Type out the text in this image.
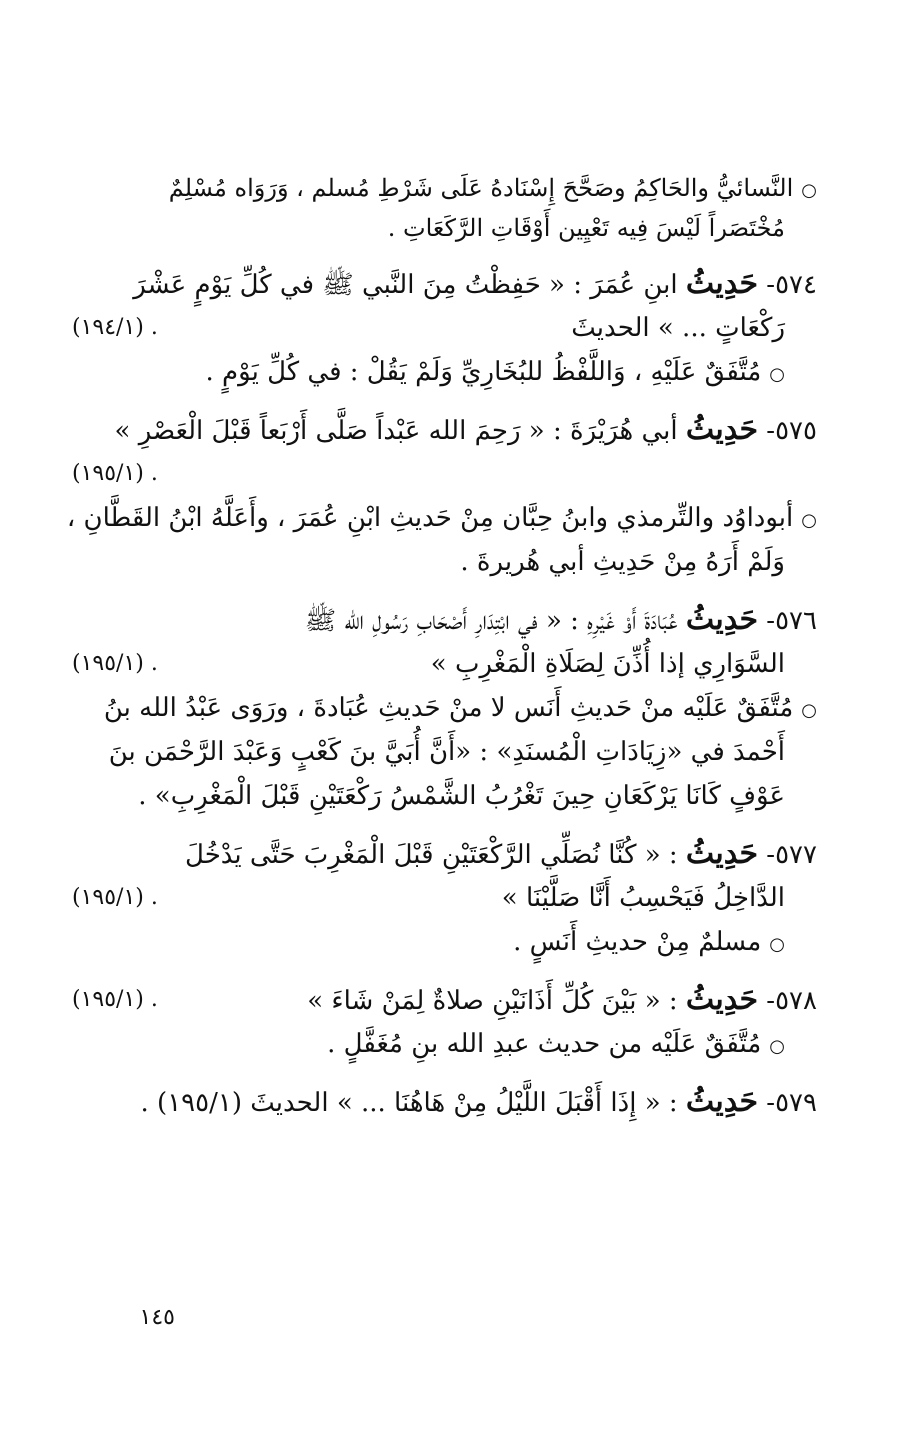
○النَّسائيُّ والحَاكِمُ وصَحَّحَ إِسْنَادهُ عَلَى شَرْطِ مُسلم ، وَرَوَاه مُسْلِمٌ
مُخْتَصَراً لَيْسَ فِيه تَعْيِين أَوْقَاتِ الرَّكَعَاتِ .
٥٧٤- حَدِيثُ ابنِ عُمَرَ : « حَفِظْتُ مِنَ النَّبي ﷺ في كُلِّ يَوْمٍ عَشْرَ
رَكْعَاتٍ ... » الحديثَ
(١٩٤/١) .
○مُتَّفَقٌ عَلَيْهِ ، وَاللَّفْظُ للبُخَارِيِّ وَلَمْ يَقُلْ : في كُلِّ يَوْمٍ .
٥٧٥- حَدِيثُ أبي هُرَيْرَةَ : « رَحِمَ الله عَبْداً صَلَّى أَرْبَعاً قَبْلَ الْعَصْرِ »
(١٩٥/١) .
○أبوداوُد والتِّرمذي وابنُ حِبَّان مِنْ حَديثِ ابْنِ عُمَرَ ، وأَعَلَّهُ ابْنُ القَطَّانِ ،
وَلَمْ أَرَهُ مِنْ حَدِيثِ أبي هُريرةَ .
٥٧٦- حَدِيثُ عُبَادَةَ أَوْ غَيْرِهِ : « في ابْتِدَارِ أَصْحَابِ رَسُولِ الله ﷺ
السَّوَارِي إذا أُذِّنَ لِصَلَاةِ الْمَغْرِبِ »
(١٩٥/١) .
○مُتَّفَقٌ عَلَيْه منْ حَديثِ أَنَس لا منْ حَديثِ عُبَادةَ ، ورَوَى عَبْدُ الله بنُ
أَحْمدَ في «زِيَادَاتِ الْمُسنَدِ» : «أَنَّ أُبَيَّ بنَ كَعْبٍ وَعَبْدَ الرَّحْمَن بنَ
عَوْفٍ كَانَا يَرْكَعَانِ حِينَ تَغْرُبُ الشَّمْسُ رَكْعَتَيْنِ قَبْلَ الْمَغْرِبِ» .
٥٧٧- حَدِيثُ : « كُنَّا نُصَلِّي الرَّكْعَتَيْنِ قَبْلَ الْمَغْرِبَ حَتَّى يَدْخُلَ
الدَّاخِلُ فَيَحْسِبُ أَنَّا صَلَّيْنَا »
(١٩٥/١) .
○مسلمٌ مِنْ حديثِ أَنَسٍ .
٥٧٨- حَدِيثُ : « بَيْنَ كُلِّ أَذَانَيْنِ صلاةٌ لِمَنْ شَاءَ »
(١٩٥/١) .
○مُتَّفَقٌ عَلَيْه من حديث عبدِ الله بنِ مُغَفَّلٍ .
٥٧٩- حَدِيثُ : « إِذَا أَقْبَلَ اللَّيْلُ مِنْ هَاهُنَا ... » الحديثَ (١٩٥/١) .
١٤٥
